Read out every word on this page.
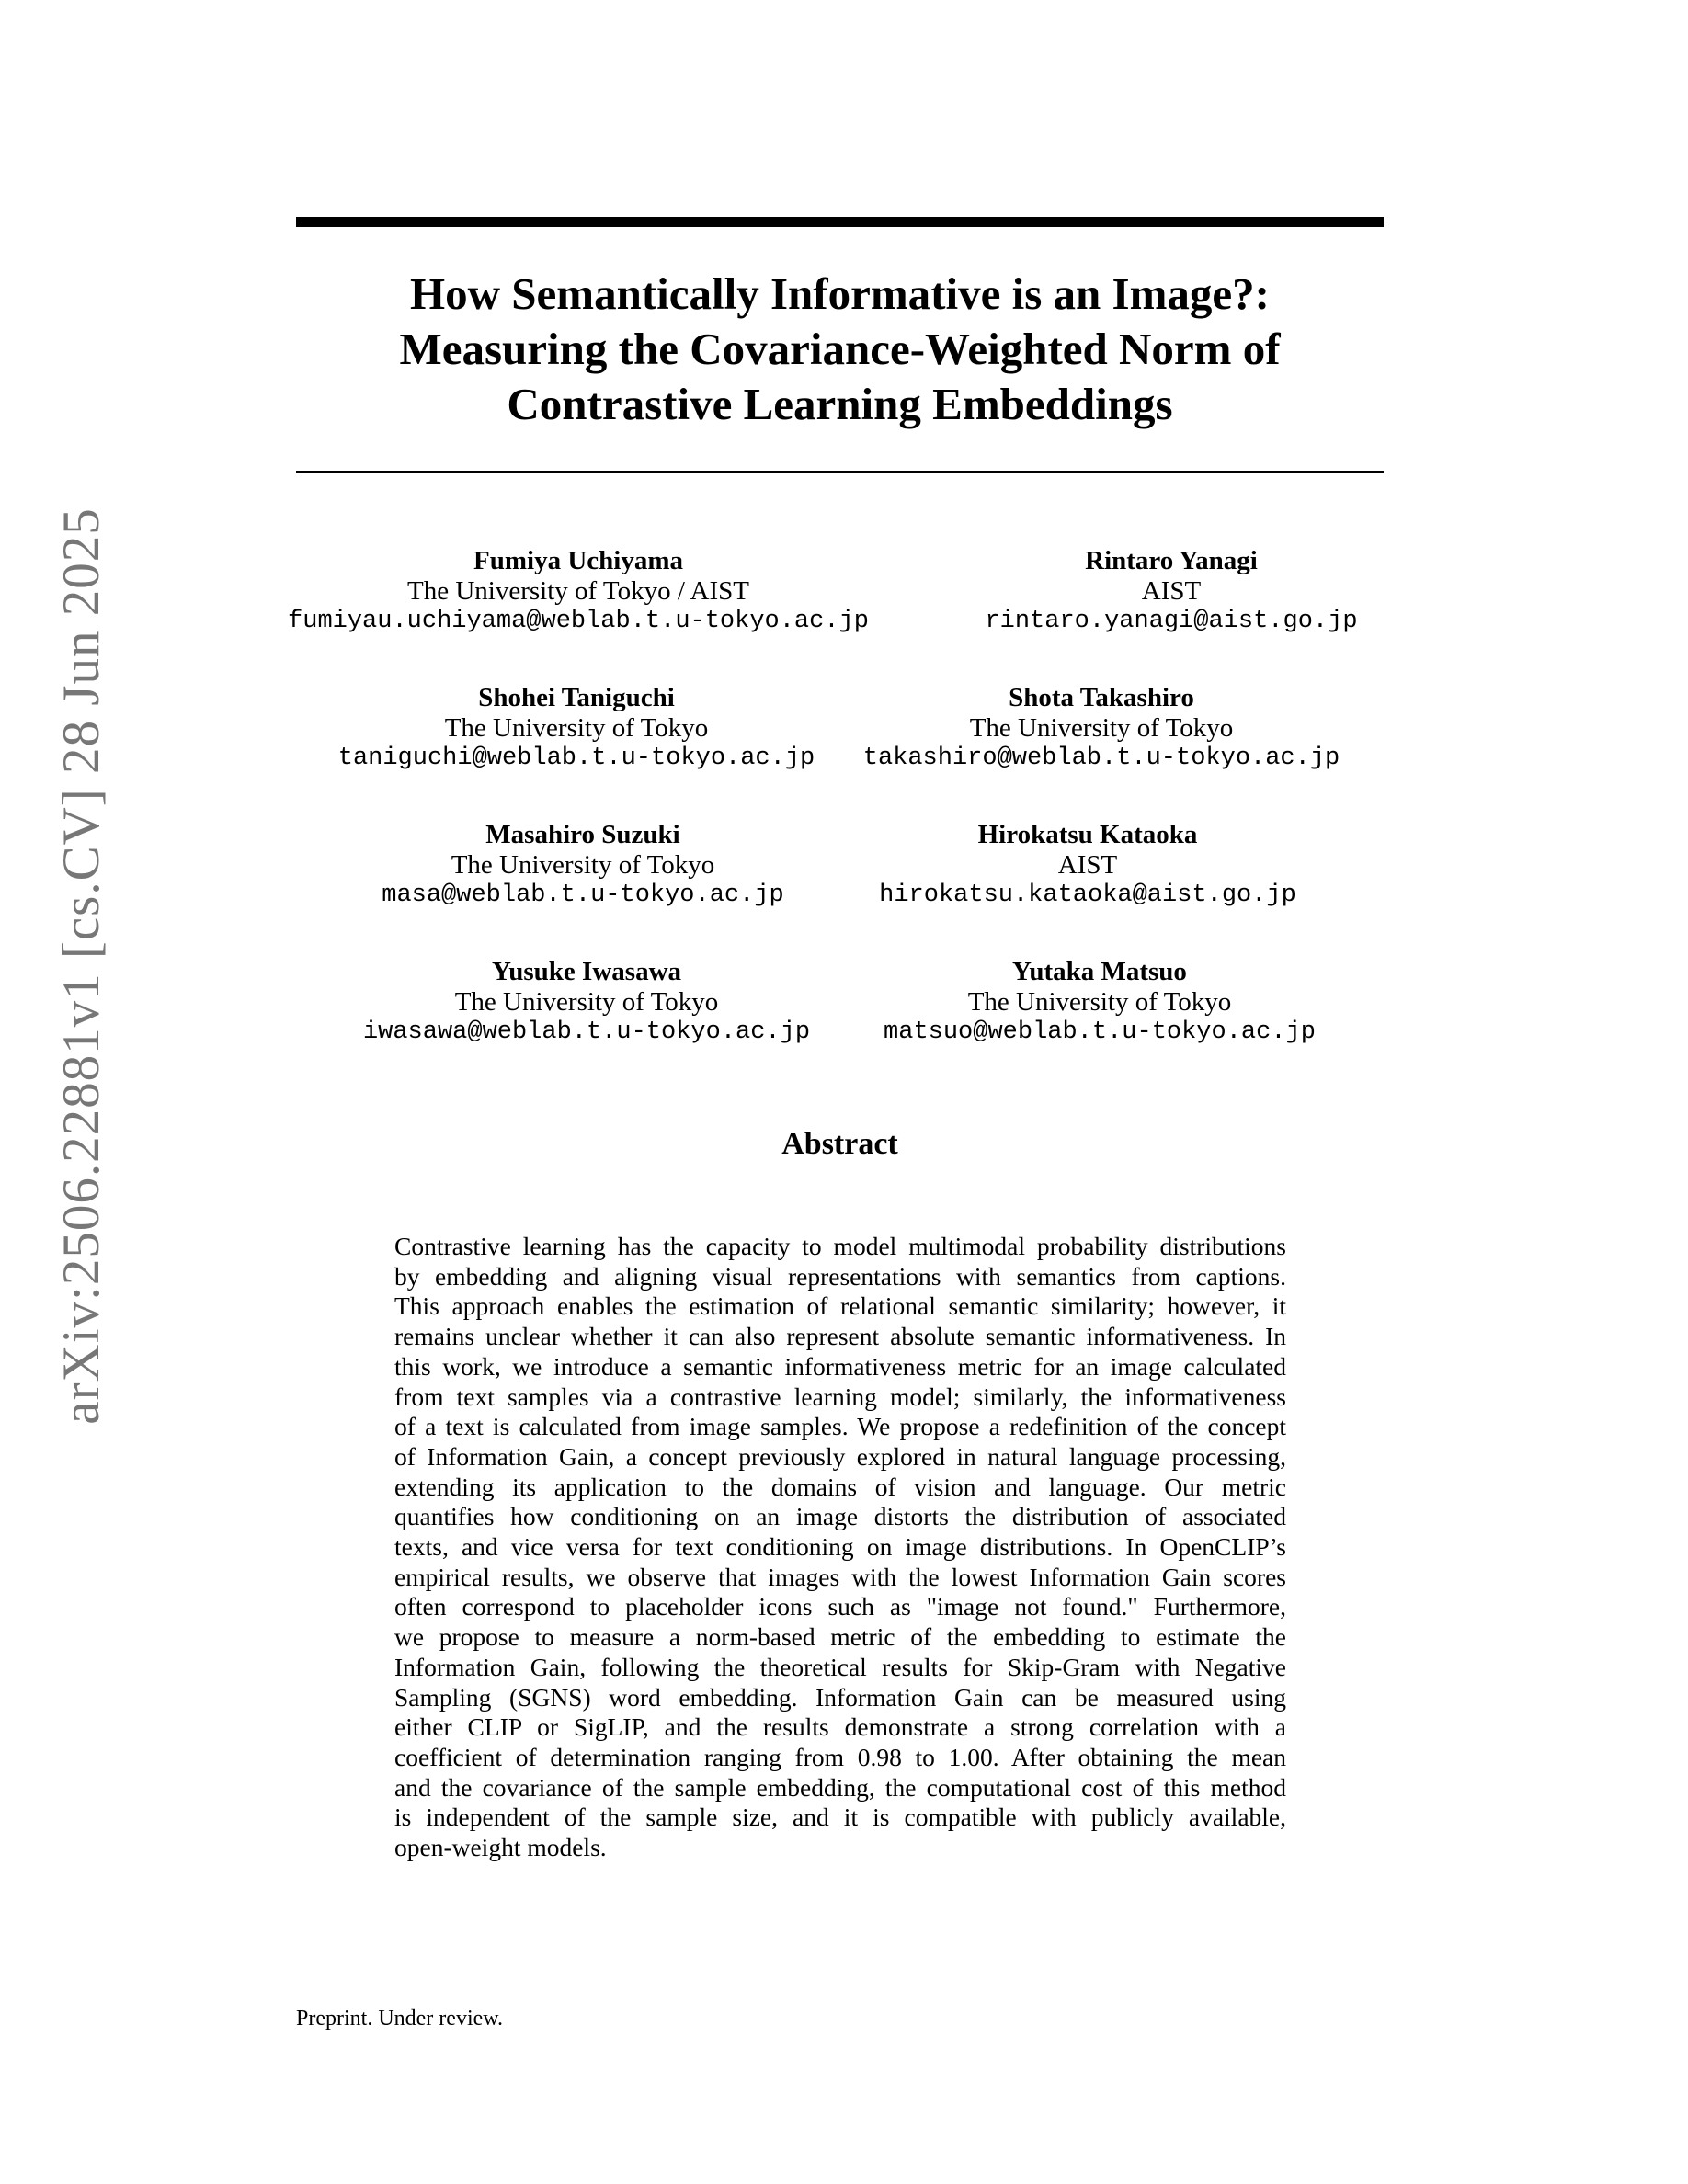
arXiv:2506.22881v1 [cs.CV] 28 Jun 2025
How Semantically Informative is an Image?:
Measuring the Covariance-Weighted Norm of
Contrastive Learning Embeddings
Fumiya Uchiyama
The University of Tokyo / AIST
fumiyau.uchiyama@weblab.t.u-tokyo.ac.jp
Rintaro Yanagi
AIST
rintaro.yanagi@aist.go.jp
Shohei Taniguchi
The University of Tokyo
taniguchi@weblab.t.u-tokyo.ac.jp
Shota Takashiro
The University of Tokyo
takashiro@weblab.t.u-tokyo.ac.jp
Masahiro Suzuki
The University of Tokyo
masa@weblab.t.u-tokyo.ac.jp
Hirokatsu Kataoka
AIST
hirokatsu.kataoka@aist.go.jp
Yusuke Iwasawa
The University of Tokyo
iwasawa@weblab.t.u-tokyo.ac.jp
Yutaka Matsuo
The University of Tokyo
matsuo@weblab.t.u-tokyo.ac.jp
Abstract
Contrastive learning has the capacity to model multimodal probability distributions
by embedding and aligning visual representations with semantics from captions.
This approach enables the estimation of relational semantic similarity; however, it
remains unclear whether it can also represent absolute semantic informativeness. In
this work, we introduce a semantic informativeness metric for an image calculated
from text samples via a contrastive learning model; similarly, the informativeness
of a text is calculated from image samples. We propose a redefinition of the concept
of Information Gain, a concept previously explored in natural language processing,
extending its application to the domains of vision and language. Our metric
quantifies how conditioning on an image distorts the distribution of associated
texts, and vice versa for text conditioning on image distributions. In OpenCLIP’s
empirical results, we observe that images with the lowest Information Gain scores
often correspond to placeholder icons such as "image not found." Furthermore,
we propose to measure a norm-based metric of the embedding to estimate the
Information Gain, following the theoretical results for Skip-Gram with Negative
Sampling (SGNS) word embedding. Information Gain can be measured using
either CLIP or SigLIP, and the results demonstrate a strong correlation with a
coefficient of determination ranging from 0.98 to 1.00. After obtaining the mean
and the covariance of the sample embedding, the computational cost of this method
is independent of the sample size, and it is compatible with publicly available,
open-weight models.
Preprint. Under review.
